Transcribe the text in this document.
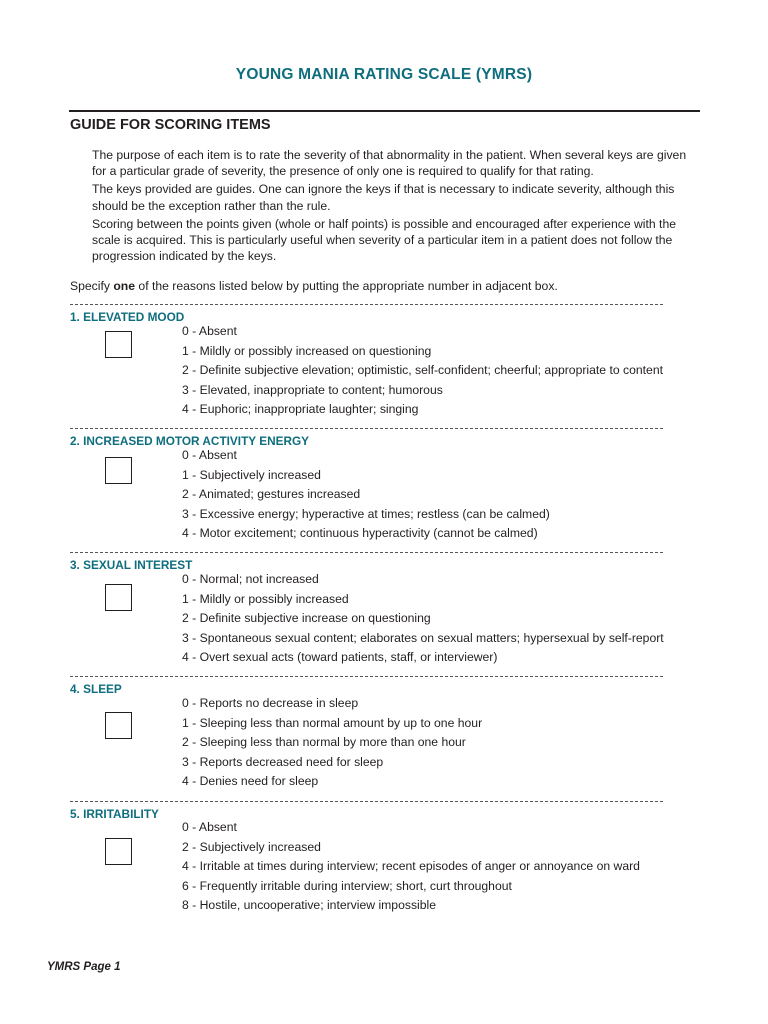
YOUNG MANIA RATING SCALE (YMRS)
GUIDE FOR SCORING ITEMS

The purpose of each item is to rate the severity of that abnormality in the patient. When several keys are given for a particular grade of severity, the presence of only one is required to qualify for that rating.

The keys provided are guides. One can ignore the keys if that is necessary to indicate severity, although this should be the exception rather than the rule.

Scoring between the points given (whole or half points) is possible and encouraged after experience with the scale is acquired. This is particularly useful when severity of a particular item in a patient does not follow the progression indicated by the keys.

Specify one of the reasons listed below by putting the appropriate number in adjacent box.
1. ELEVATED MOOD
0 - Absent
1 - Mildly or possibly increased on questioning
2 - Definite subjective elevation; optimistic, self-confident; cheerful; appropriate to content
3 - Elevated, inappropriate to content; humorous
4 - Euphoric; inappropriate laughter; singing
2. INCREASED MOTOR ACTIVITY ENERGY
0 - Absent
1 - Subjectively increased
2 - Animated; gestures increased
3 - Excessive energy; hyperactive at times; restless (can be calmed)
4 - Motor excitement; continuous hyperactivity (cannot be calmed)
3. SEXUAL INTEREST
0 - Normal; not increased
1 - Mildly or possibly increased
2 - Definite subjective increase on questioning
3 - Spontaneous sexual content; elaborates on sexual matters; hypersexual by self-report
4 - Overt sexual acts (toward patients, staff, or interviewer)
4. SLEEP
0 - Reports no decrease in sleep
1 - Sleeping less than normal amount by up to one hour
2 - Sleeping less than normal by more than one hour
3 - Reports decreased need for sleep
4 - Denies need for sleep
5. IRRITABILITY
0 - Absent
2 - Subjectively increased
4 - Irritable at times during interview; recent episodes of anger or annoyance on ward
6 - Frequently irritable during interview; short, curt throughout
8 - Hostile, uncooperative; interview impossible
YMRS Page 1
